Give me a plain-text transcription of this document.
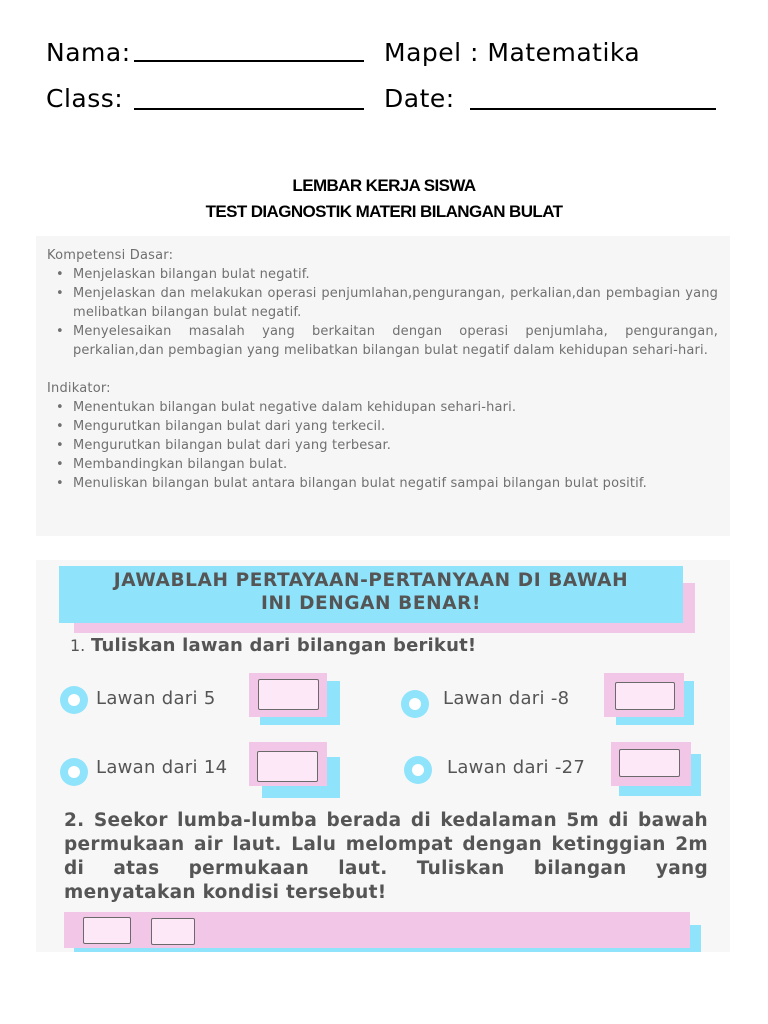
Nama:	Mapel : Matematika
Class:	Date:
LEMBAR KERJA SISWA
TEST DIAGNOSTIK MATERI BILANGAN BULAT
Kompetensi Dasar:
• Menjelaskan bilangan bulat negatif.
• Menjelaskan dan melakukan operasi penjumlahan,pengurangan, perkalian,dan pembagian yang melibatkan bilangan bulat negatif.
• Menyelesaikan masalah yang berkaitan dengan operasi penjumlaha, pengurangan, perkalian,dan pembagian yang melibatkan bilangan bulat negatif dalam kehidupan sehari-hari.
Indikator:
• Menentukan bilangan bulat negative dalam kehidupan sehari-hari.
• Mengurutkan bilangan bulat dari yang terkecil.
• Mengurutkan bilangan bulat dari yang terbesar.
• Membandingkan bilangan bulat.
• Menuliskan bilangan bulat antara bilangan bulat negatif sampai bilangan bulat positif.
JAWABLAH PERTAYAAN-PERTANYAAN DI BAWAH
INI DENGAN BENAR!
1. Tuliskan lawan dari bilangan berikut!
Lawan dari 5	Lawan dari -8
Lawan dari 14	Lawan dari -27
2. Seekor lumba-lumba berada di kedalaman 5m di bawah permukaan air laut. Lalu melompat dengan ketinggian 2m di atas permukaan laut. Tuliskan bilangan yang menyatakan kondisi tersebut!
